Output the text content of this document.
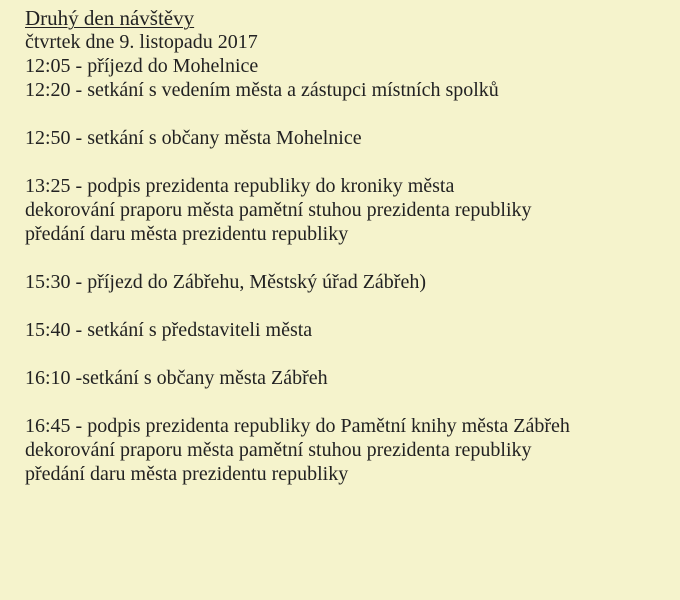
Druhý den návštěvy

čtvrtek dne 9. listopadu 2017

12:05 - příjezd do Mohelnice

12:20 - setkání s vedením města a zástupci místních spolků

12:50 - setkání s občany města Mohelnice

13:25 - podpis prezidenta republiky do kroniky města

dekorování praporu města pamětní stuhou prezidenta republiky

předání daru města prezidentu republiky

15:30 - příjezd do Zábřehu, Městský úřad Zábřeh)

15:40 - setkání s představiteli města

16:10 -setkání s občany města Zábřeh

16:45 - podpis prezidenta republiky do Pamětní knihy města Zábřeh

dekorování praporu města pamětní stuhou prezidenta republiky

předání daru města prezidentu republiky
